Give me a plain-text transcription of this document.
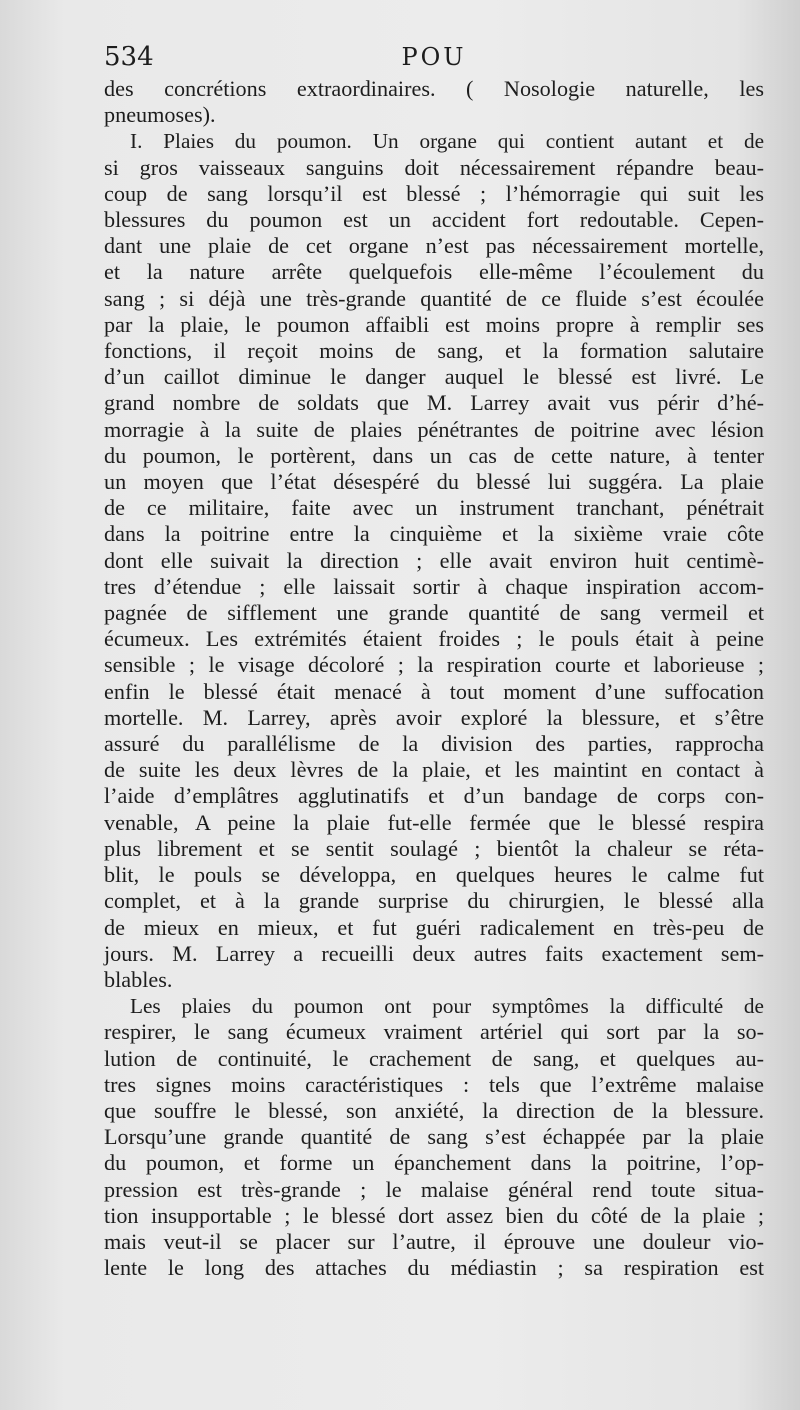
534	POU
des concrétions extraordinaires. ( Nosologie naturelle, les
pneumoses).
I. Plaies du poumon. Un organe qui contient autant et de
si gros vaisseaux sanguins doit nécessairement répandre beau-
coup de sang lorsqu’il est blessé ; l’hémorragie qui suit les
blessures du poumon est un accident fort redoutable. Cepen-
dant une plaie de cet organe n’est pas nécessairement mortelle,
et la nature arrête quelquefois elle-même l’écoulement du
sang ; si déjà une très-grande quantité de ce fluide s’est écoulée
par la plaie, le poumon affaibli est moins propre à remplir ses
fonctions, il reçoit moins de sang, et la formation salutaire
d’un caillot diminue le danger auquel le blessé est livré. Le
grand nombre de soldats que M. Larrey avait vus périr d’hé-
morragie à la suite de plaies pénétrantes de poitrine avec lésion
du poumon, le portèrent, dans un cas de cette nature, à tenter
un moyen que l’état désespéré du blessé lui suggéra. La plaie
de ce militaire, faite avec un instrument tranchant, pénétrait
dans la poitrine entre la cinquième et la sixième vraie côte
dont elle suivait la direction ; elle avait environ huit centimè-
tres d’étendue ; elle laissait sortir à chaque inspiration accom-
pagnée de sifflement une grande quantité de sang vermeil et
écumeux. Les extrémités étaient froides ; le pouls était à peine
sensible ; le visage décoloré ; la respiration courte et laborieuse ;
enfin le blessé était menacé à tout moment d’une suffocation
mortelle. M. Larrey, après avoir exploré la blessure, et s’être
assuré du parallélisme de la division des parties, rapprocha
de suite les deux lèvres de la plaie, et les maintint en contact à
l’aide d’emplâtres agglutinatifs et d’un bandage de corps con-
venable, A peine la plaie fut-elle fermée que le blessé respira
plus librement et se sentit soulagé ; bientôt la chaleur se réta-
blit, le pouls se développa, en quelques heures le calme fut
complet, et à la grande surprise du chirurgien, le blessé alla
de mieux en mieux, et fut guéri radicalement en très-peu de
jours. M. Larrey a recueilli deux autres faits exactement sem-
blables.
Les plaies du poumon ont pour symptômes la difficulté de
respirer, le sang écumeux vraiment artériel qui sort par la so-
lution de continuité, le crachement de sang, et quelques au-
tres signes moins caractéristiques : tels que l’extrême malaise
que souffre le blessé, son anxiété, la direction de la blessure.
Lorsqu’une grande quantité de sang s’est échappée par la plaie
du poumon, et forme un épanchement dans la poitrine, l’op-
pression est très-grande ; le malaise général rend toute situa-
tion insupportable ; le blessé dort assez bien du côté de la plaie ;
mais veut-il se placer sur l’autre, il éprouve une douleur vio-
lente le long des attaches du médiastin ; sa respiration est
